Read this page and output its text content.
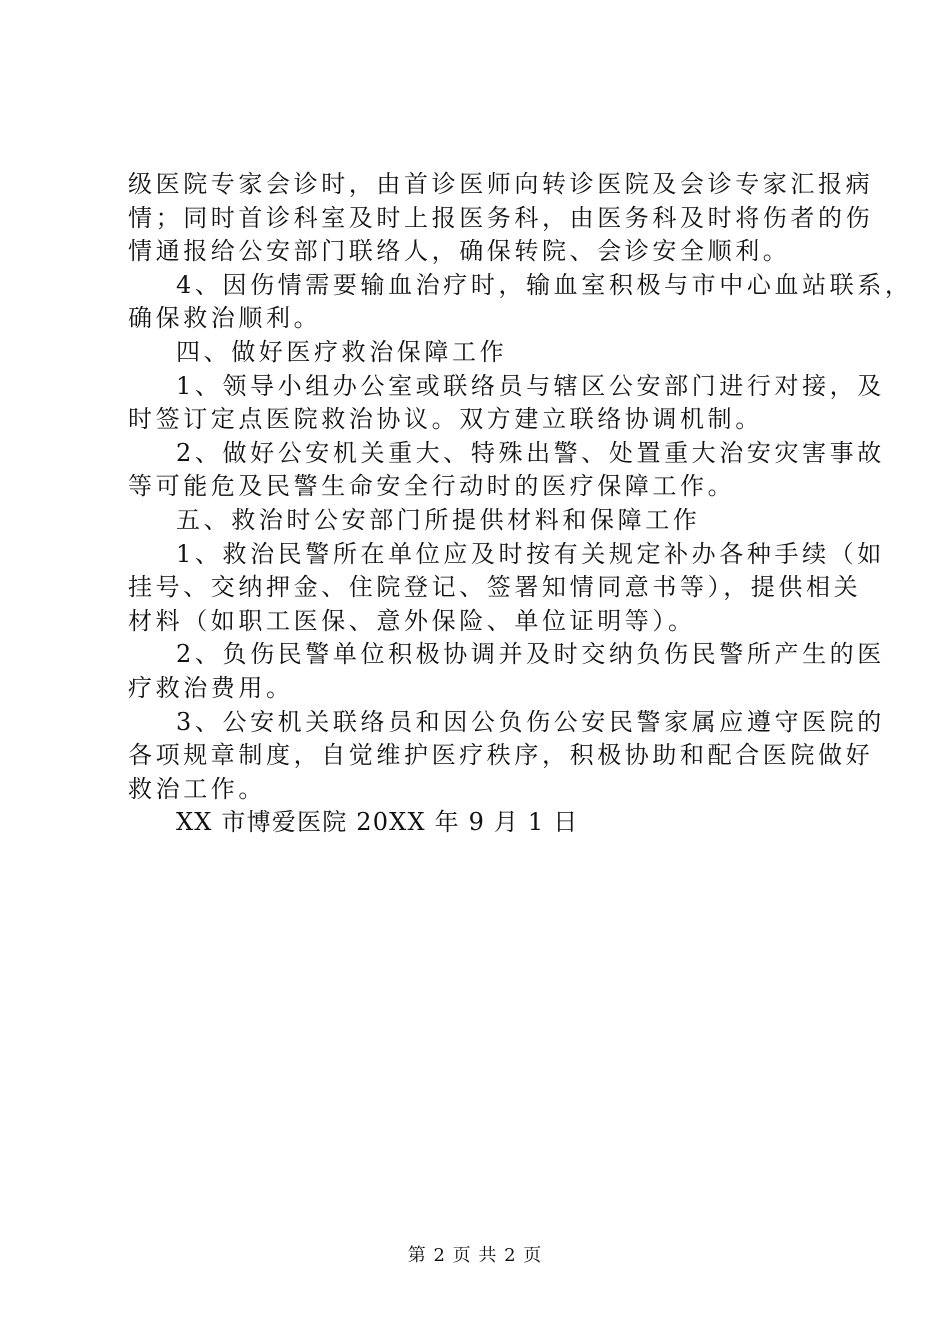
级医院专家会诊时，由首诊医师向转诊医院及会诊专家汇报病
情；同时首诊科室及时上报医务科，由医务科及时将伤者的伤
情通报给公安部门联络人，确保转院、会诊安全顺利。
4、因伤情需要输血治疗时，输血室积极与市中心血站联系，
确保救治顺利。
四、做好医疗救治保障工作
1、领导小组办公室或联络员与辖区公安部门进行对接，及
时签订定点医院救治协议。双方建立联络协调机制。
2、做好公安机关重大、特殊出警、处置重大治安灾害事故
等可能危及民警生命安全行动时的医疗保障工作。
五、救治时公安部门所提供材料和保障工作
1、救治民警所在单位应及时按有关规定补办各种手续（如
挂号、交纳押金、住院登记、签署知情同意书等），提供相关
材料（如职工医保、意外保险、单位证明等）。
2、负伤民警单位积极协调并及时交纳负伤民警所产生的医
疗救治费用。
3、公安机关联络员和因公负伤公安民警家属应遵守医院的
各项规章制度，自觉维护医疗秩序，积极协助和配合医院做好
救治工作。
XX 市博爱医院 20XX 年 9 月 1 日
第 2 页 共 2 页
